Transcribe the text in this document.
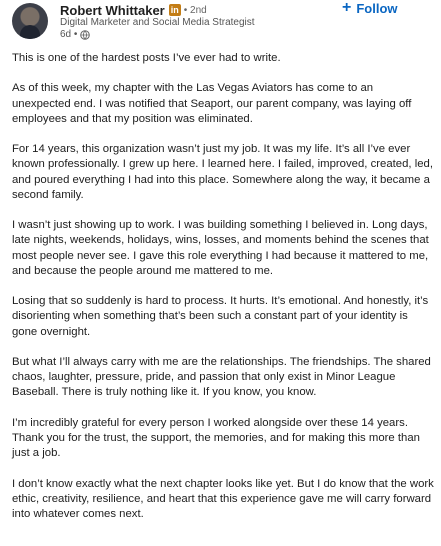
Robert Whittaker in • 2nd
Digital Marketer and Social Media Strategist
6d •
+ Follow

This is one of the hardest posts I’ve ever had to write.

As of this week, my chapter with the Las Vegas Aviators has come to an unexpected end. I was notified that Seaport, our parent company, was laying off employees and that my position was eliminated.

For 14 years, this organization wasn’t just my job. It was my life. It’s all I’ve ever known professionally. I grew up here. I learned here. I failed, improved, created, led, and poured everything I had into this place. Somewhere along the way, it became a second family.

I wasn’t just showing up to work. I was building something I believed in. Long days, late nights, weekends, holidays, wins, losses, and moments behind the scenes that most people never see. I gave this role everything I had because it mattered to me, and because the people around me mattered to me.

Losing that so suddenly is hard to process. It hurts. It’s emotional. And honestly, it’s disorienting when something that’s been such a constant part of your identity is gone overnight.

But what I’ll always carry with me are the relationships. The friendships. The shared chaos, laughter, pressure, pride, and passion that only exist in Minor League Baseball. There is truly nothing like it. If you know, you know.

I’m incredibly grateful for every person I worked alongside over these 14 years. Thank you for the trust, the support, the memories, and for making this more than just a job.

I don’t know exactly what the next chapter looks like yet. But I do know that the work ethic, creativity, resilience, and heart that this experience gave me will carry forward into whatever comes next.
